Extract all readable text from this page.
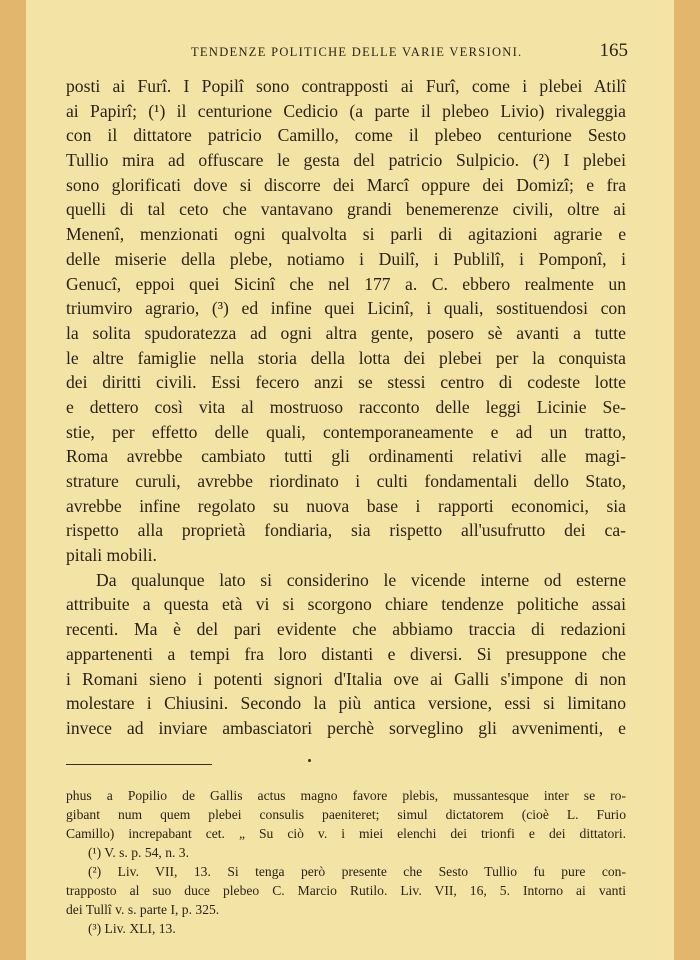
TENDENZE POLITICHE DELLE VARIE VERSIONI.	165
posti ai Furî. I Popilî sono contrapposti ai Furî, come i plebei Atilî
ai Papirî; (¹) il centurione Cedicio (a parte il plebeo Livio) rivaleggia
con il dittatore patricio Camillo, come il plebeo centurione Sesto
Tullio mira ad offuscare le gesta del patricio Sulpicio. (²) I plebei
sono glorificati dove si discorre dei Marcî oppure dei Domizî; e fra
quelli di tal ceto che vantavano grandi benemerenze civili, oltre ai
Menenî, menzionati ogni qualvolta si parli di agitazioni agrarie e
delle miserie della plebe, notiamo i Duilî, i Publilî, i Pomponî, i
Genucî, eppoi quei Sicinî che nel 177 a. C. ebbero realmente un
triumviro agrario, (³) ed infine quei Licinî, i quali, sostituendosi con
la solita spudoratezza ad ogni altra gente, posero sè avanti a tutte
le altre famiglie nella storia della lotta dei plebei per la conquista
dei diritti civili. Essi fecero anzi se stessi centro di codeste lotte
e dettero così vita al mostruoso racconto delle leggi Licinie Se-
stie, per effetto delle quali, contemporaneamente e ad un tratto,
Roma avrebbe cambiato tutti gli ordinamenti relativi alle magi-
strature curuli, avrebbe riordinato i culti fondamentali dello Stato,
avrebbe infine regolato su nuova base i rapporti economici, sia
rispetto alla proprietà fondiaria, sia rispetto all'usufrutto dei ca-
pitali mobili.
Da qualunque lato si considerino le vicende interne od esterne
attribuite a questa età vi si scorgono chiare tendenze politiche assai
recenti. Ma è del pari evidente che abbiamo traccia di redazioni
appartenenti a tempi fra loro distanti e diversi. Si presuppone che
i Romani sieno i potenti signori d'Italia ove ai Galli s'impone di non
molestare i Chiusini. Secondo la più antica versione, essi si limitano
invece ad inviare ambasciatori perchè sorveglino gli avvenimenti, e
phus a Popilio de Gallis actus magno favore plebis, mussantesque inter se ro-
gibant num quem plebei consulis paeniteret; simul dictatorem (cioè L. Furio
Camillo) increpabant cet. „ Su ciò v. i miei elenchi dei trionfi e dei dittatori.
(¹) V. s. p. 54, n. 3.
(²) Liv. VII, 13. Si tenga però presente che Sesto Tullio fu pure con-
trapposto al suo duce plebeo C. Marcio Rutilo. Liv. VII, 16, 5. Intorno ai vanti
dei Tullî v. s. parte I, p. 325.
(³) Liv. XLI, 13.
